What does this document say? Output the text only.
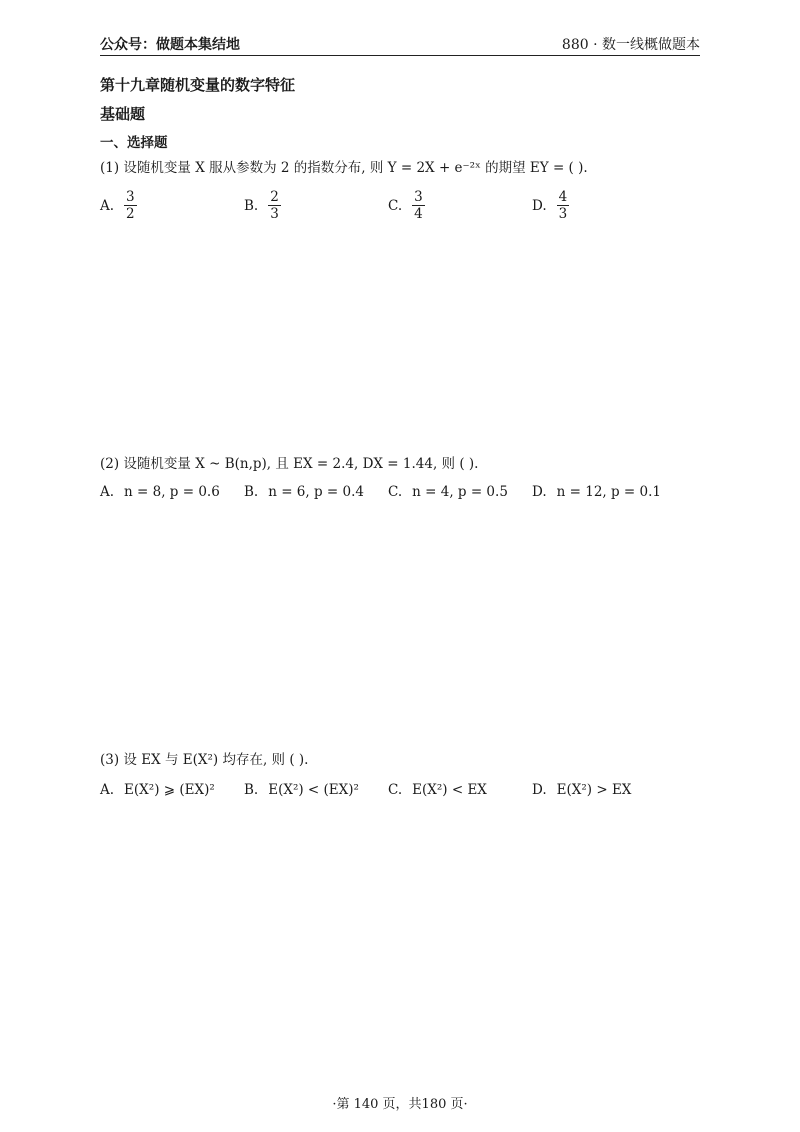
公众号：做题本集结地	880 · 数一线概做题本
第十九章随机变量的数字特征
基础题
一、选择题
(1) 设随机变量 X 服从参数为 2 的指数分布, 则 Y = 2X + e⁻²ˣ 的期望 EY = ( ).
A. $\frac{3}{2}$	B. $\frac{2}{3}$	C. $\frac{3}{4}$	D. $\frac{4}{3}$
(2) 设随机变量 X ~ B(n,p), 且 EX = 2.4, DX = 1.44, 则 ( ).
A. n = 8, p = 0.6 B. n = 6, p = 0.4 C. n = 4, p = 0.5 D. n = 12, p = 0.1
(3) 设 EX 与 E(X²) 均存在, 则 ( ).
A. E(X²) ⩾ (EX)² B. E(X²) < (EX)² C. E(X²) < EX	D. E(X²) > EX
·第 140 页，共180 页·
